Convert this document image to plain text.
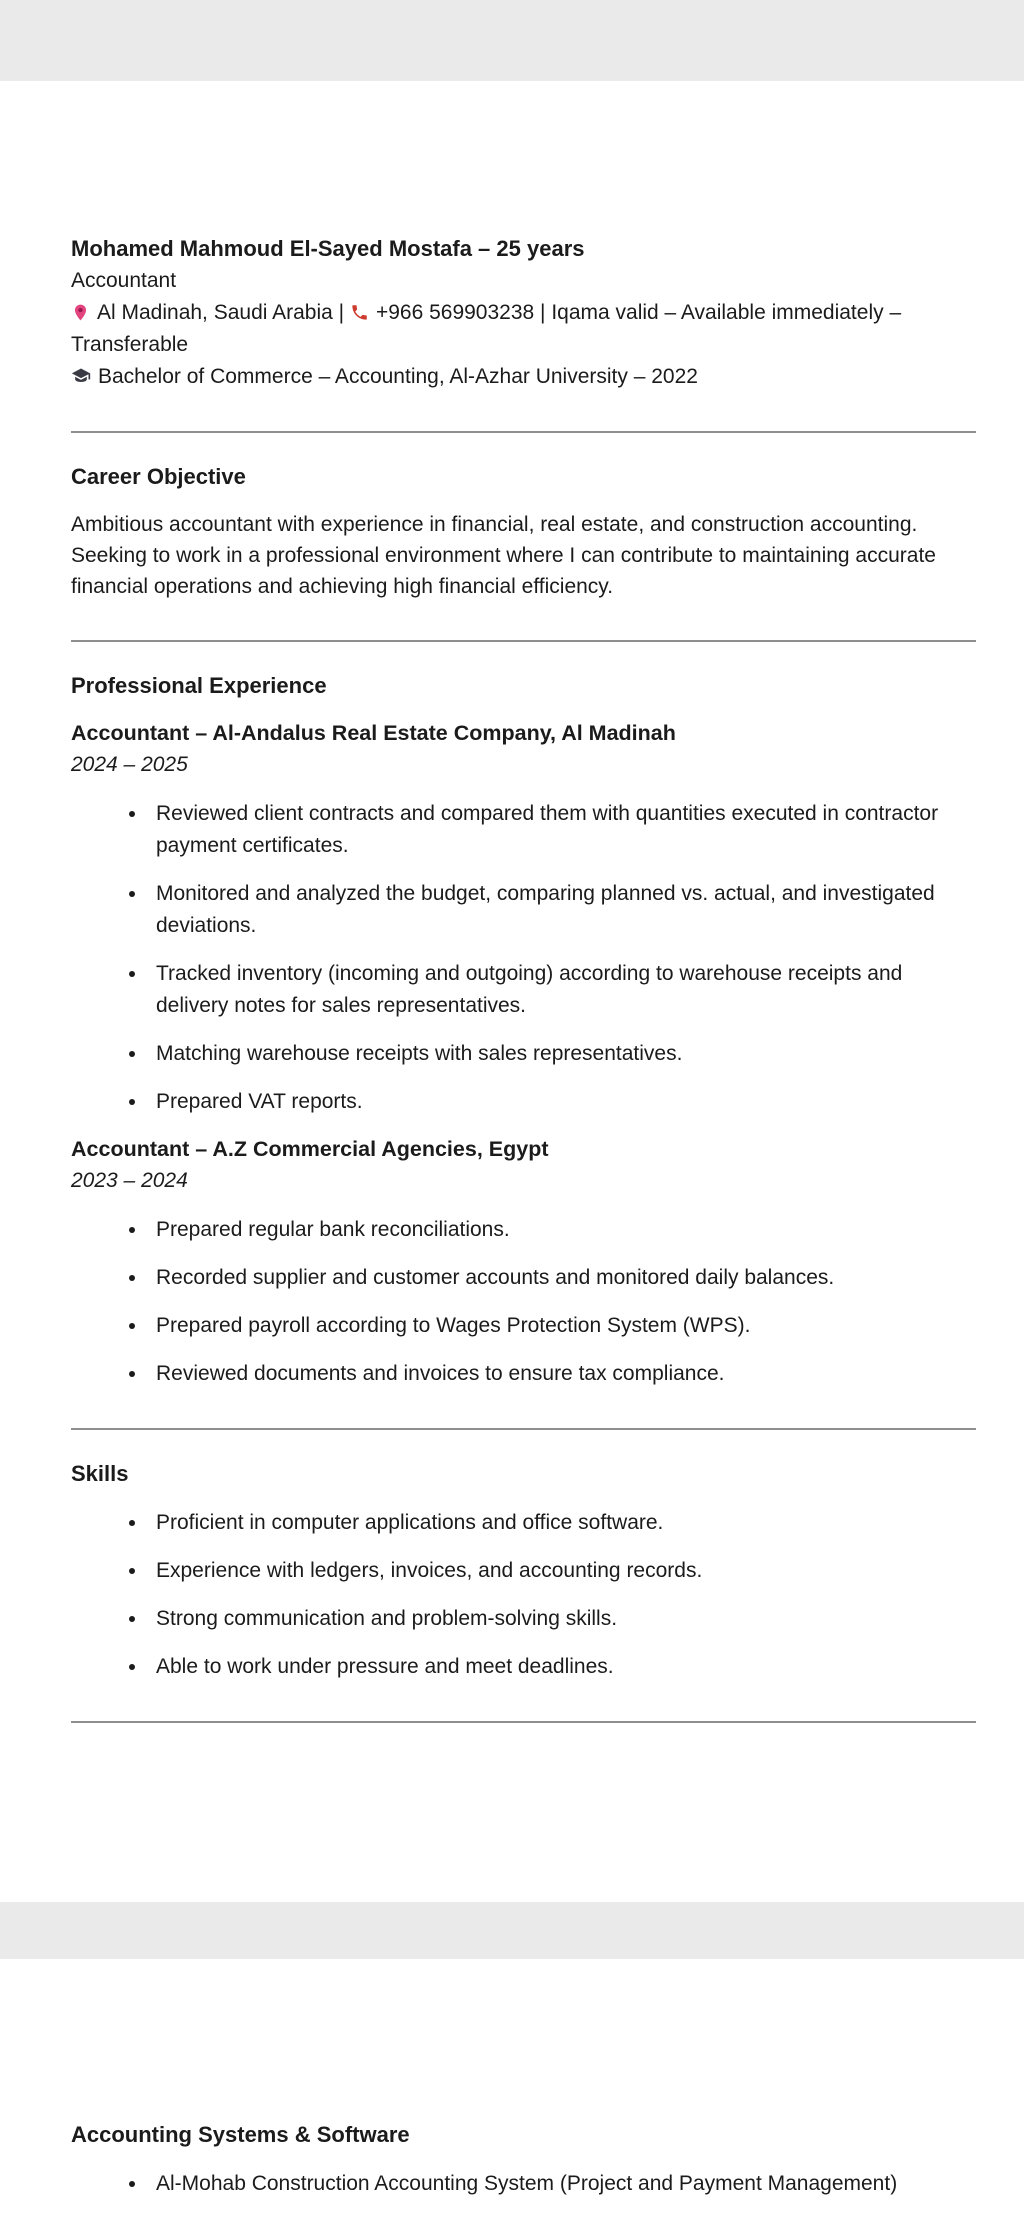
Mohamed Mahmoud El-Sayed Mostafa – 25 years

Accountant

Al Madinah, Saudi Arabia | +966 569903238 | Iqama valid – Available immediately – Transferable

Bachelor of Commerce – Accounting, Al-Azhar University – 2022

Career Objective

Ambitious accountant with experience in financial, real estate, and construction accounting. Seeking to work in a professional environment where I can contribute to maintaining accurate financial operations and achieving high financial efficiency.

Professional Experience
Accountant – Al-Andalus Real Estate Company, Al Madinah

2024 – 2025

• Reviewed client contracts and compared them with quantities executed in contractor payment certificates.
• Monitored and analyzed the budget, comparing planned vs. actual, and investigated deviations.
• Tracked inventory (incoming and outgoing) according to warehouse receipts and delivery notes for sales representatives.
• Matching warehouse receipts with sales representatives.
• Prepared VAT reports.
Accountant – A.Z Commercial Agencies, Egypt

2023 – 2024

• Prepared regular bank reconciliations.
• Recorded supplier and customer accounts and monitored daily balances.
• Prepared payroll according to Wages Protection System (WPS).
• Reviewed documents and invoices to ensure tax compliance.
Skills
• Proficient in computer applications and office software.
• Experience with ledgers, invoices, and accounting records.
• Strong communication and problem-solving skills.
• Able to work under pressure and meet deadlines.
Accounting Systems & Software
• Al-Mohab Construction Accounting System (Project and Payment Management)
